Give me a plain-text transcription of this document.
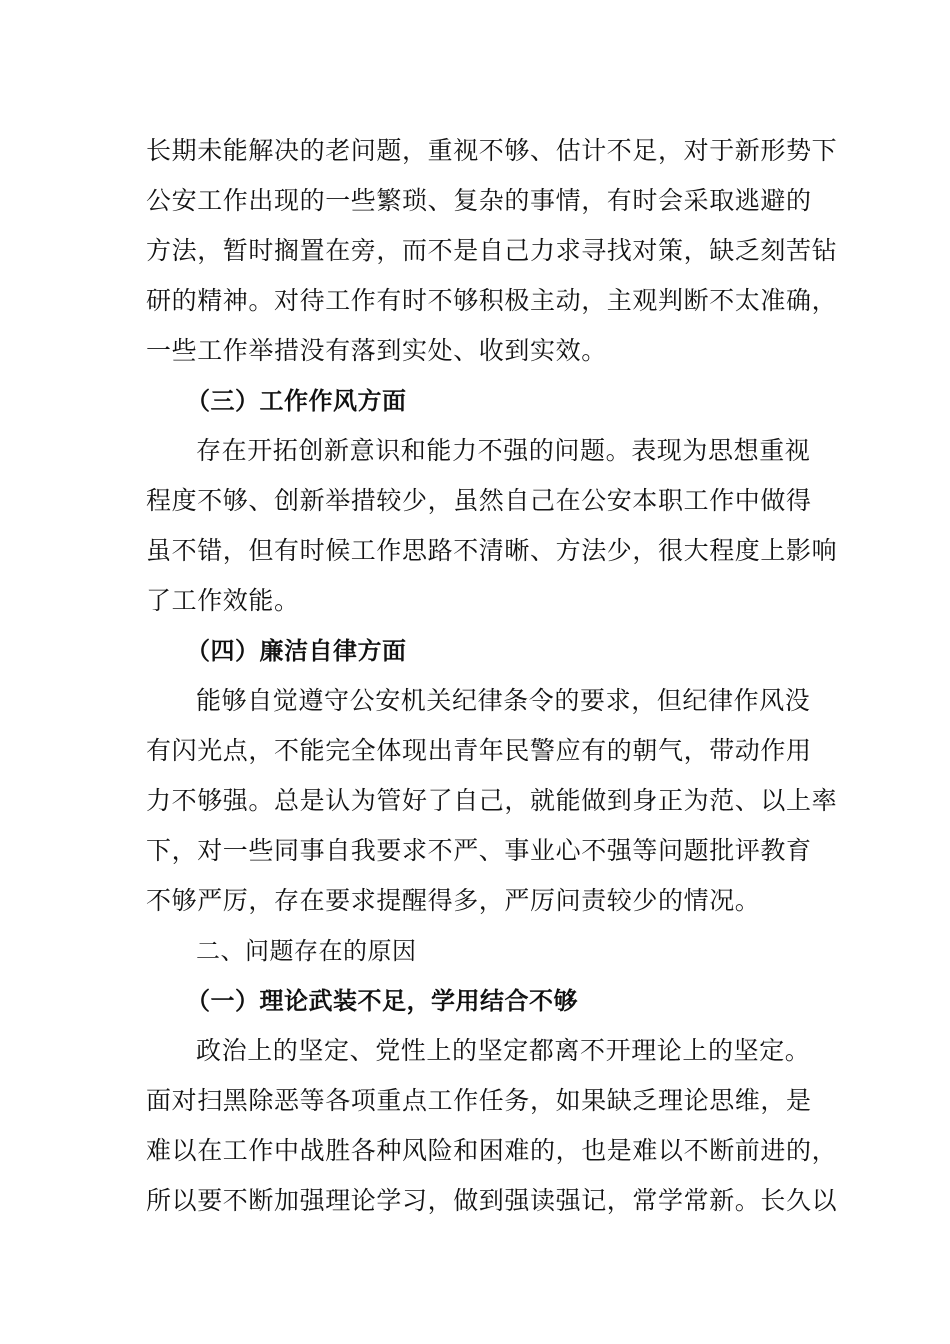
长期未能解决的老问题，重视不够、估计不足，对于新形势下
公安工作出现的一些繁琐、复杂的事情，有时会采取逃避的
方法，暂时搁置在旁，而不是自己力求寻找对策，缺乏刻苦钻
研的精神。对待工作有时不够积极主动，主观判断不太准确，
一些工作举措没有落到实处、收到实效。
（三）工作作风方面
存在开拓创新意识和能力不强的问题。表现为思想重视
程度不够、创新举措较少，虽然自己在公安本职工作中做得
虽不错，但有时候工作思路不清晰、方法少，很大程度上影响
了工作效能。
（四）廉洁自律方面
能够自觉遵守公安机关纪律条令的要求，但纪律作风没
有闪光点，不能完全体现出青年民警应有的朝气，带动作用
力不够强。总是认为管好了自己，就能做到身正为范、以上率
下，对一些同事自我要求不严、事业心不强等问题批评教育
不够严厉，存在要求提醒得多，严厉问责较少的情况。
二、问题存在的原因
（一）理论武装不足，学用结合不够
政治上的坚定、党性上的坚定都离不开理论上的坚定。
面对扫黑除恶等各项重点工作任务，如果缺乏理论思维，是
难以在工作中战胜各种风险和困难的，也是难以不断前进的，
所以要不断加强理论学习，做到强读强记，常学常新。长久以
